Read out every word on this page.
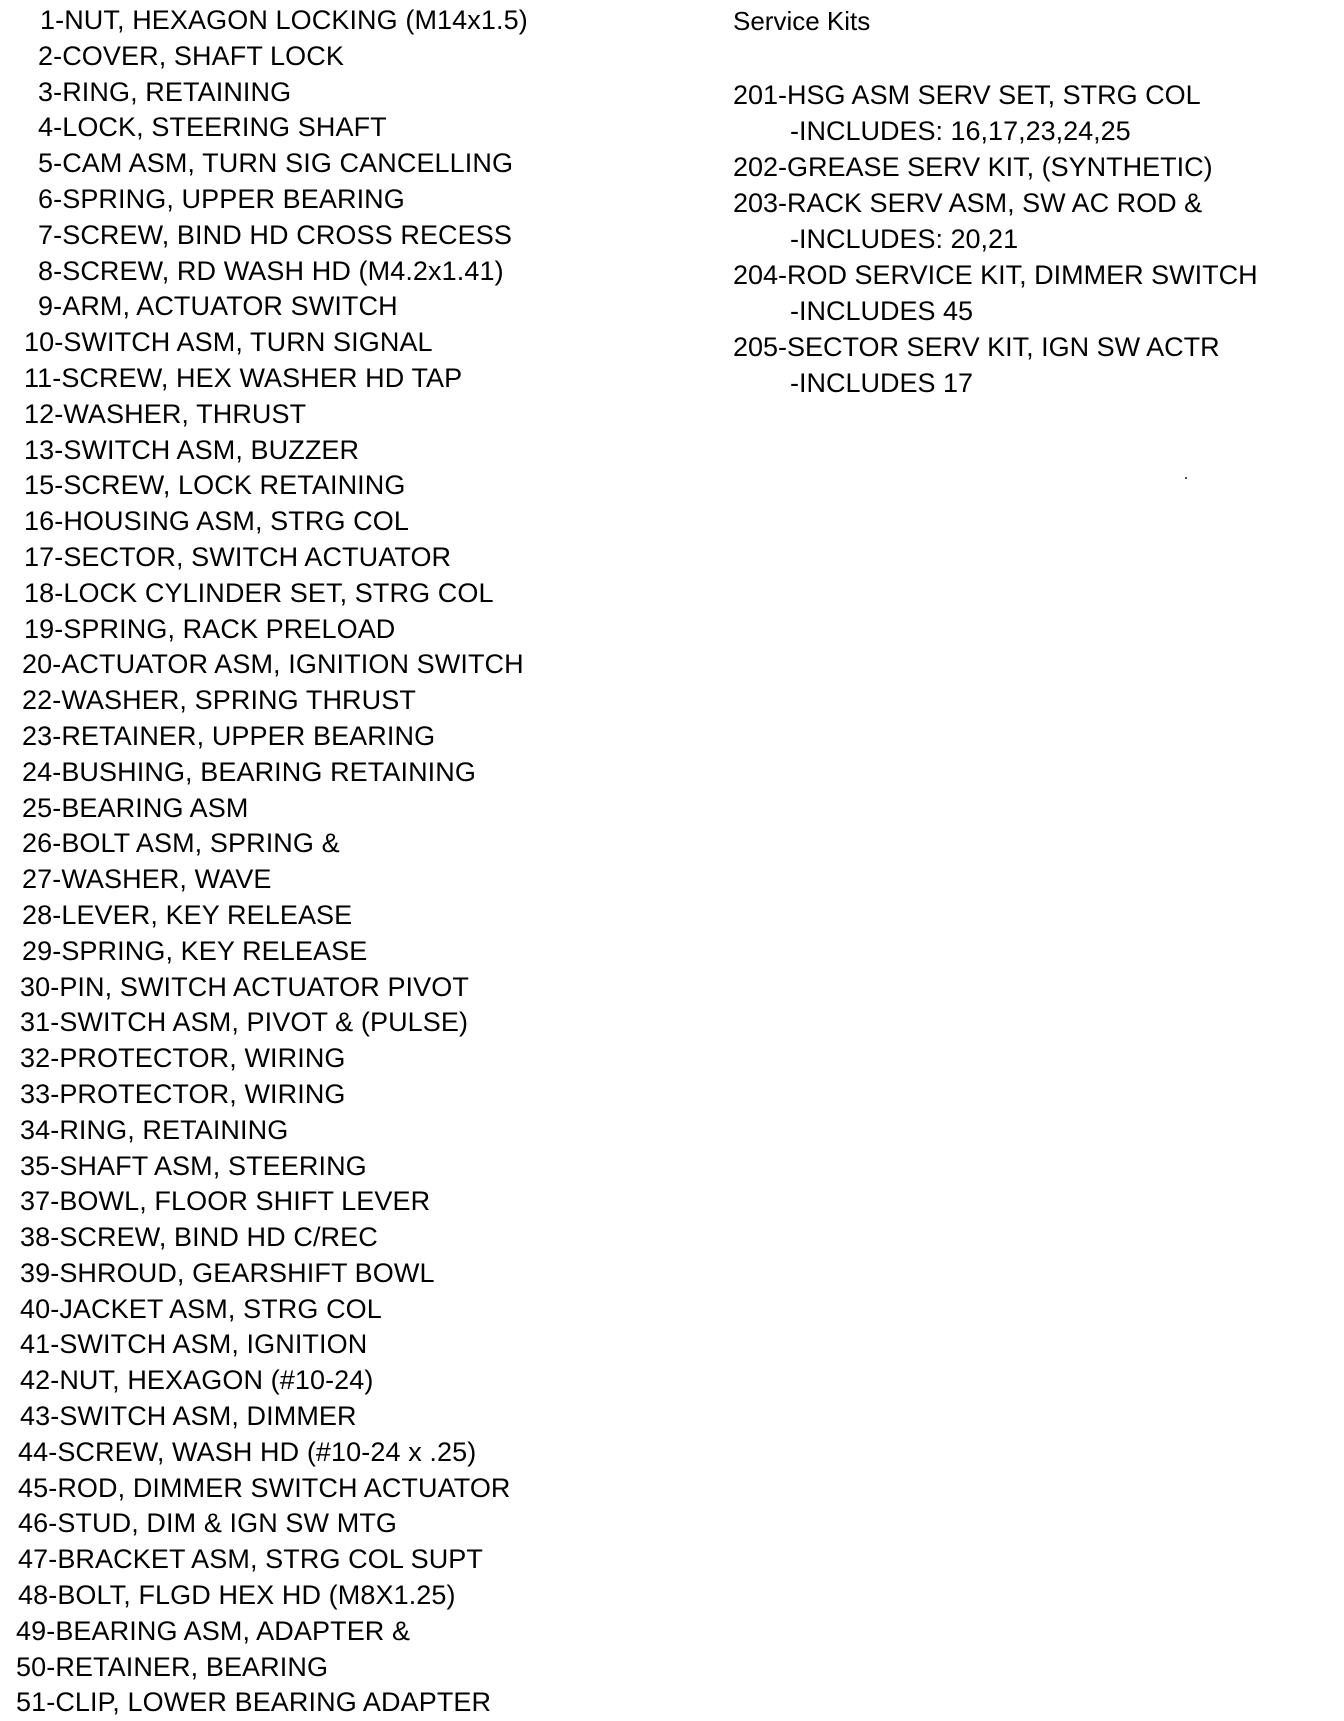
1-NUT, HEXAGON LOCKING (M14x1.5)
2-COVER, SHAFT LOCK
3-RING, RETAINING
4-LOCK, STEERING SHAFT
5-CAM ASM, TURN SIG CANCELLING
6-SPRING, UPPER BEARING
7-SCREW, BIND HD CROSS RECESS
8-SCREW, RD WASH HD (M4.2x1.41)
9-ARM, ACTUATOR SWITCH
10-SWITCH ASM, TURN SIGNAL
11-SCREW, HEX WASHER HD TAP
12-WASHER, THRUST
13-SWITCH ASM, BUZZER
15-SCREW, LOCK RETAINING
16-HOUSING ASM, STRG COL
17-SECTOR, SWITCH ACTUATOR
18-LOCK CYLINDER SET, STRG COL
19-SPRING, RACK PRELOAD
20-ACTUATOR ASM, IGNITION SWITCH
22-WASHER, SPRING THRUST
23-RETAINER, UPPER BEARING
24-BUSHING, BEARING RETAINING
25-BEARING ASM
26-BOLT ASM, SPRING &
27-WASHER, WAVE
28-LEVER, KEY RELEASE
29-SPRING, KEY RELEASE
30-PIN, SWITCH ACTUATOR PIVOT
31-SWITCH ASM, PIVOT & (PULSE)
32-PROTECTOR, WIRING
33-PROTECTOR, WIRING
34-RING, RETAINING
35-SHAFT ASM, STEERING
37-BOWL, FLOOR SHIFT LEVER
38-SCREW, BIND HD C/REC
39-SHROUD, GEARSHIFT BOWL
40-JACKET ASM, STRG COL
41-SWITCH ASM, IGNITION
42-NUT, HEXAGON (#10-24)
43-SWITCH ASM, DIMMER
44-SCREW, WASH HD (#10-24 x .25)
45-ROD, DIMMER SWITCH ACTUATOR
46-STUD, DIM & IGN SW MTG
47-BRACKET ASM, STRG COL SUPT
48-BOLT, FLGD HEX HD (M8X1.25)
49-BEARING ASM, ADAPTER &
50-RETAINER, BEARING
51-CLIP, LOWER BEARING ADAPTER
Service Kits
201-HSG ASM SERV SET, STRG COL
-INCLUDES: 16,17,23,24,25
202-GREASE SERV KIT, (SYNTHETIC)
203-RACK SERV ASM, SW AC ROD &
-INCLUDES: 20,21
204-ROD SERVICE KIT, DIMMER SWITCH
-INCLUDES 45
205-SECTOR SERV KIT, IGN SW ACTR
-INCLUDES 17
